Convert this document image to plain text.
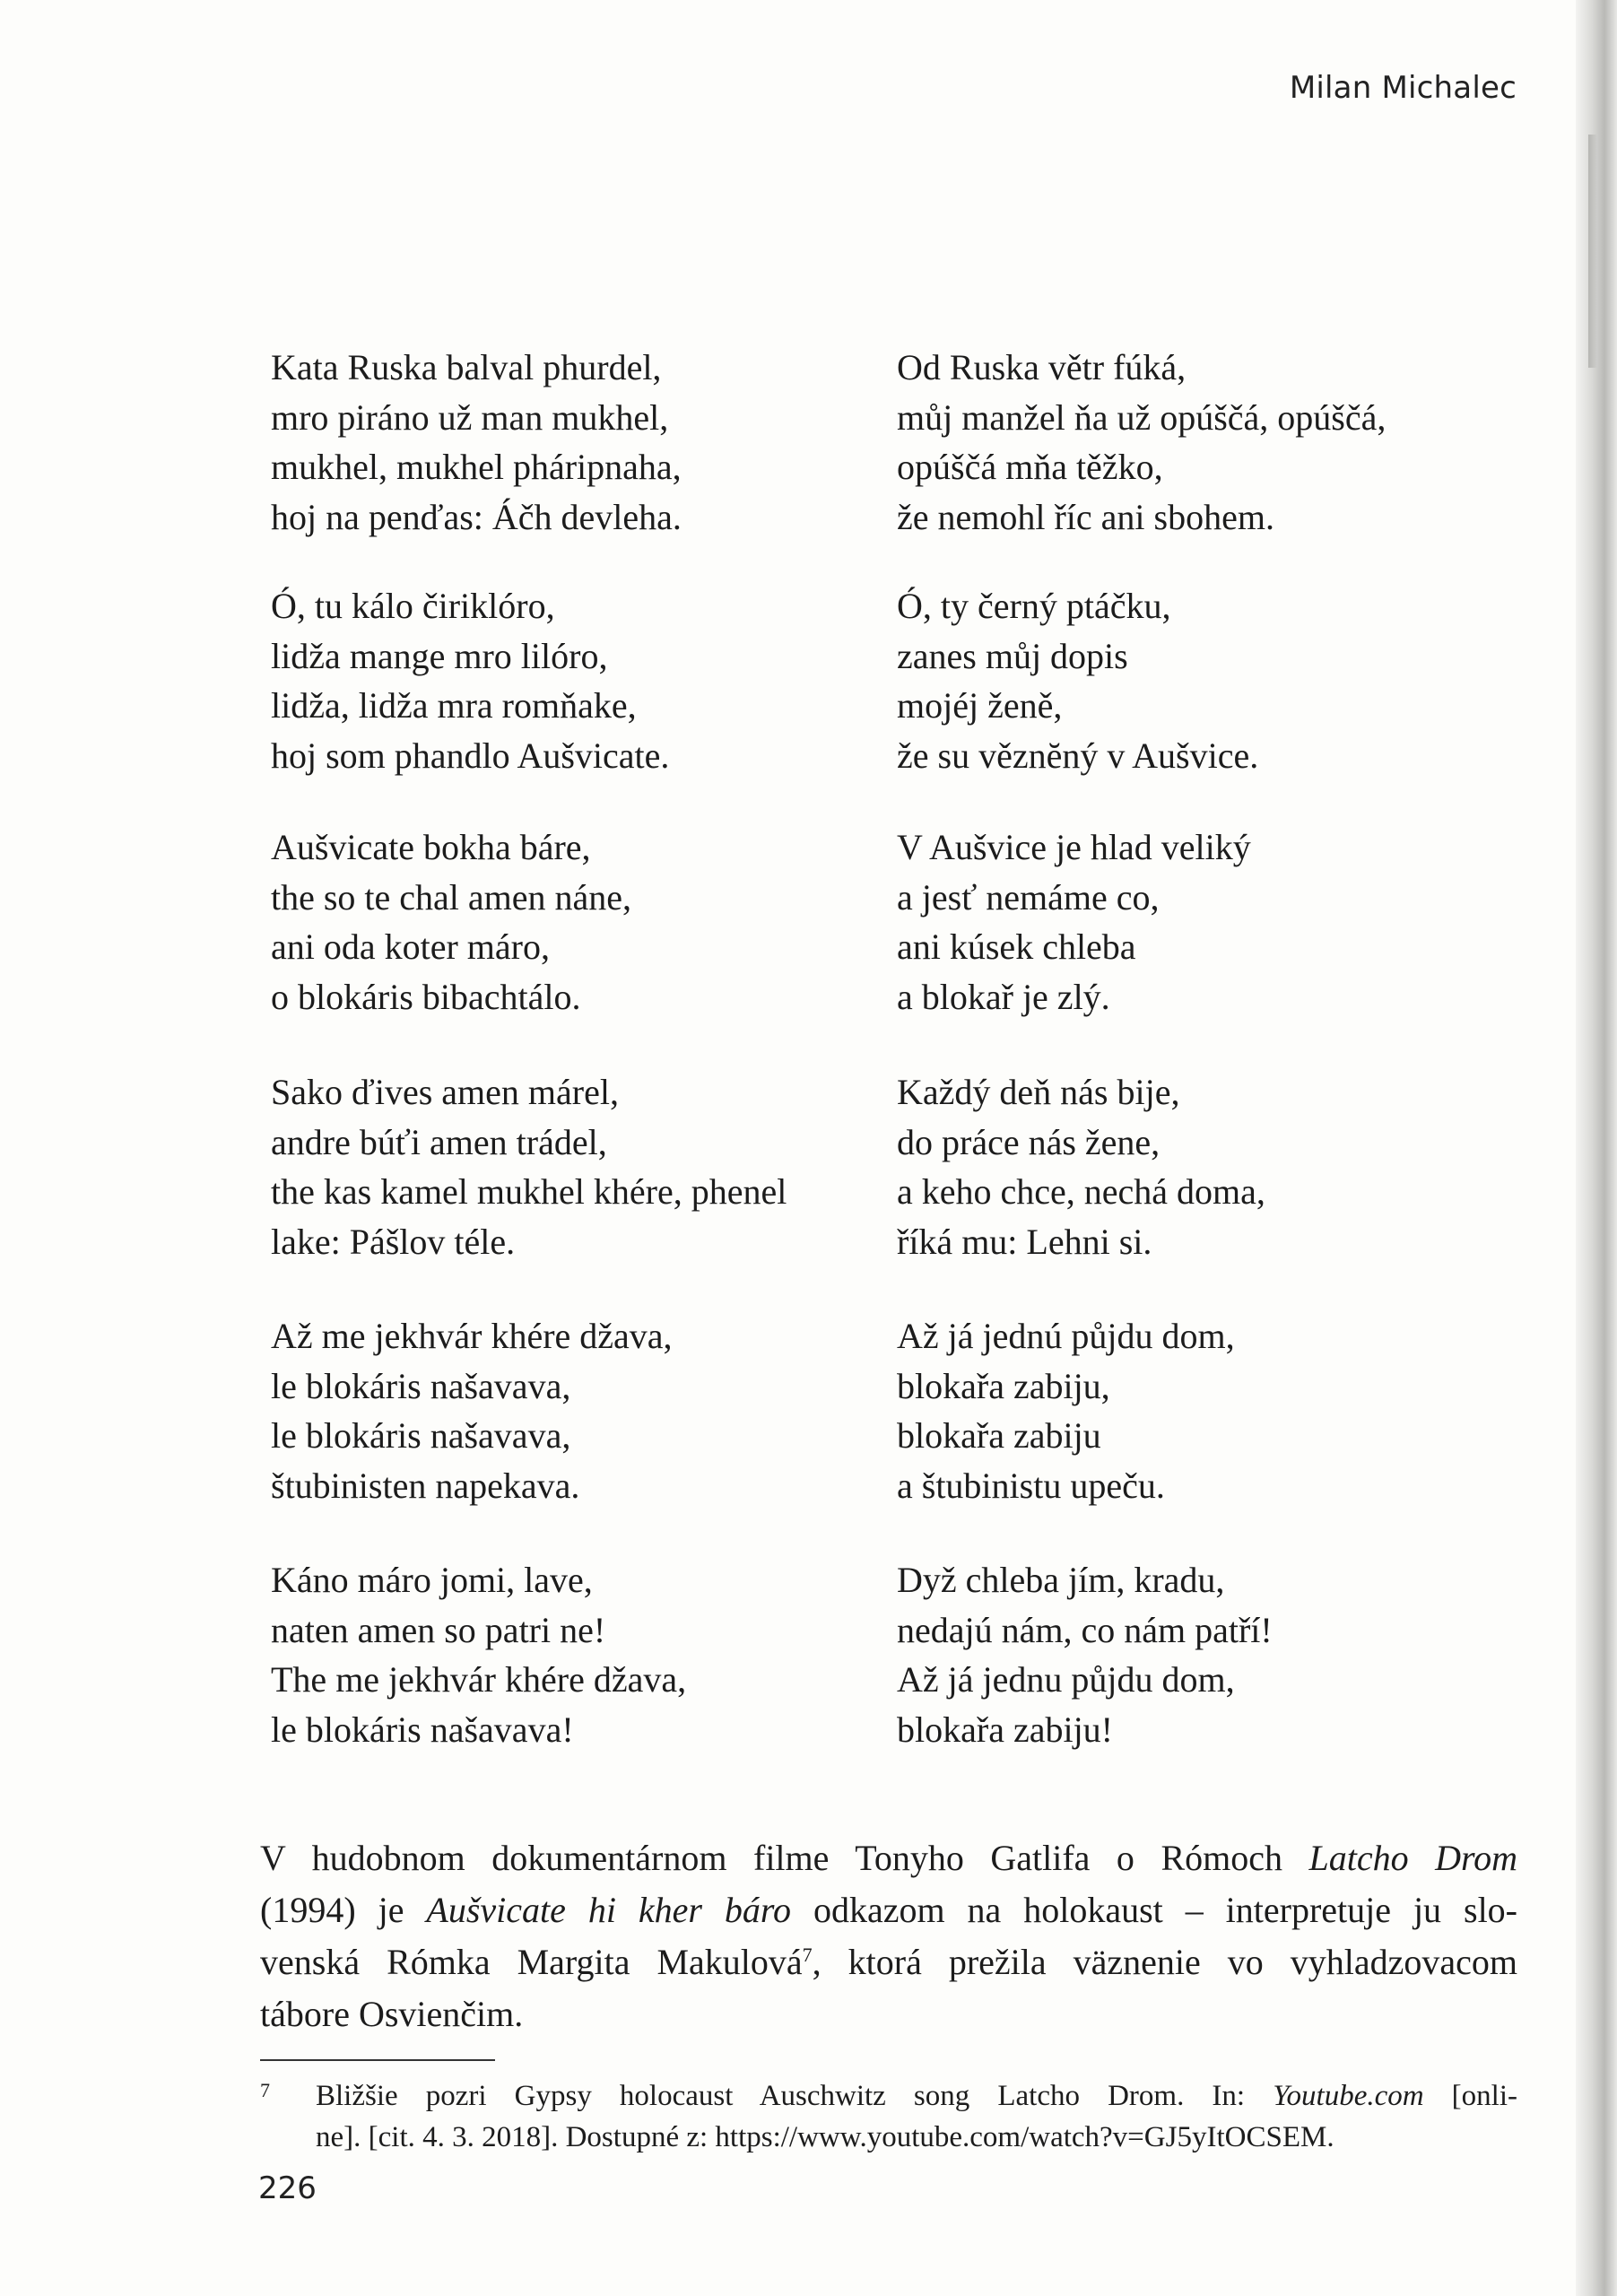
Milan Michalec

Kata Ruska balval phurdel,
mro piráno už man mukhel,
mukhel, mukhel pháripnaha,
hoj na penďas: Áčh devleha.

Od Ruska větr fúká,
můj manžel ňa už opúščá, opúščá,
opúščá mňa těžko,
že nemohl říc ani sbohem.

Ó, tu kálo čiriklóro,
lidža mange mro lilóro,
lidža, lidža mra romňake,
hoj som phandlo Aušvicate.

Ó, ty černý ptáčku,
zanes můj dopis
mojéj ženě,
že su věznĕný v Aušvice.

Aušvicate bokha báre,
the so te chal amen náne,
ani oda koter máro,
o blokáris bibachtálo.

V Aušvice je hlad veliký
a jesť nemáme co,
ani kúsek chleba
a blokař je zlý.

Sako ďives amen márel,
andre búťi amen trádel,
the kas kamel mukhel khére, phenel
lake: Pášlov téle.

Každý deň nás bije,
do práce nás žene,
a keho chce, nechá doma,
říká mu: Lehni si.

Až me jekhvár khére džava,
le blokáris našavava,
le blokáris našavava,
štubinisten napekava.

Až já jednú půjdu dom,
blokařa zabiju,
blokařa zabiju
a štubinistu upeču.

Káno máro jomi, lave,
naten amen so patri ne!
The me jekhvár khére džava,
le blokáris našavava!

Dyž chleba jím, kradu,
nedajú nám, co nám patří!
Až já jednu půjdu dom,
blokařa zabiju!

V hudobnom dokumentárnom filme Tonyho Gatlifa o Rómoch Latcho Drom
(1994) je Aušvicate hi kher báro odkazom na holokaust – interpretuje ju slo-
venská Rómka Margita Makulová$^7$, ktorá prežila väznenie vo vyhladzovacom
tábore Osvienčim.

7 Bližšie pozri Gypsy holocaust Auschwitz song Latcho Drom. In: Youtube.com [onli-
ne]. [cit. 4. 3. 2018]. Dostupné z: https://www.youtube.com/watch?v=GJ5yItOCSEM.
226
